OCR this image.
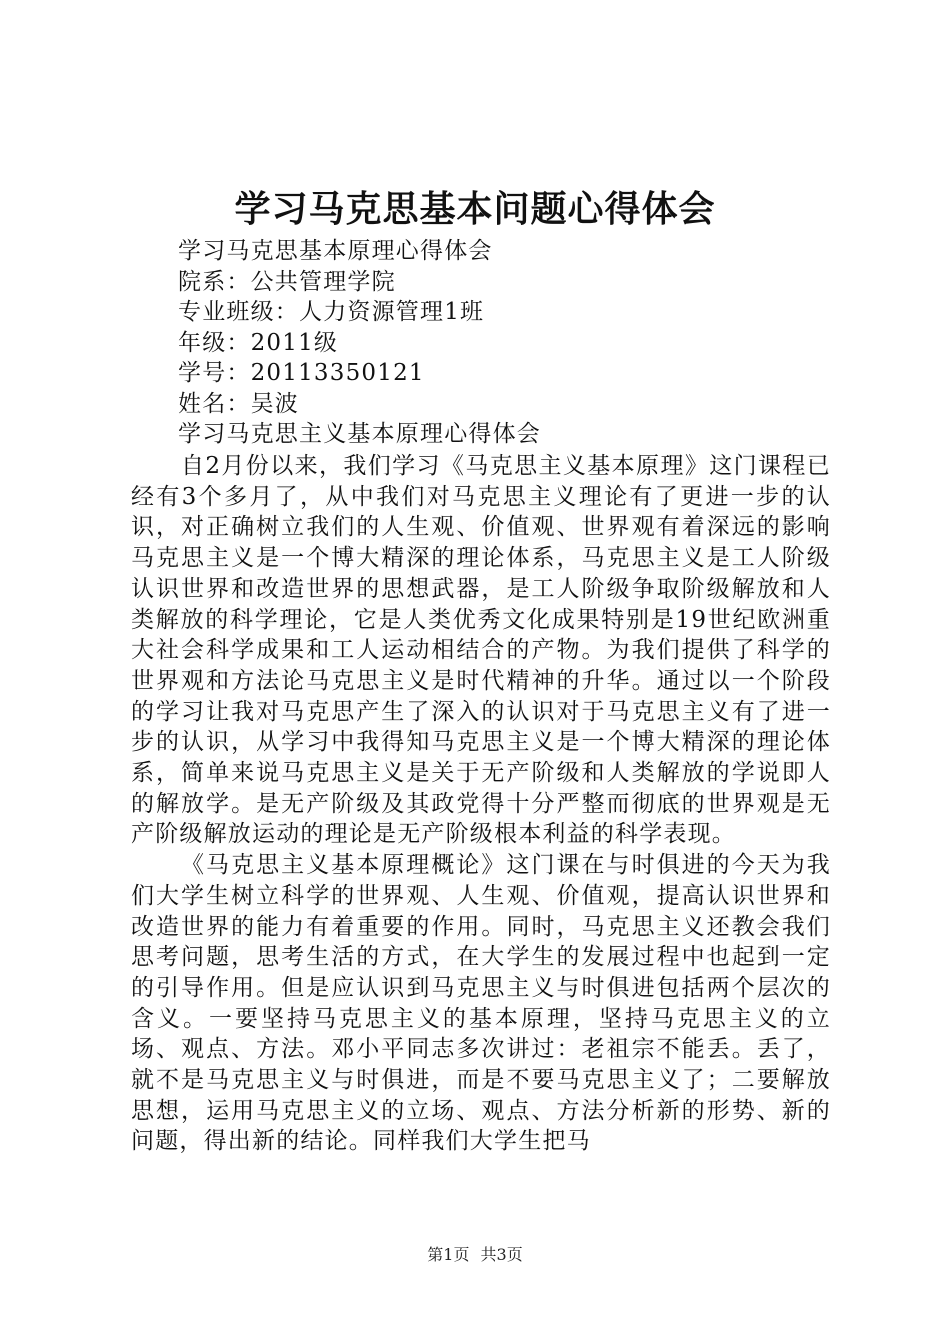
学习马克思基本问题心得体会
学习马克思基本原理心得体会
院系：公共管理学院
专业班级：人力资源管理1班
年级：2011级
学号：20113350121
姓名：吴波
学习马克思主义基本原理心得体会

自2月份以来，我们学习《马克思主义基本原理》这门课程已经有3个多月了，从中我们对马克思主义理论有了更进一步的认识，对正确树立我们的人生观、价值观、世界观有着深远的影响马克思主义是一个博大精深的理论体系，马克思主义是工人阶级认识世界和改造世界的思想武器，是工人阶级争取阶级解放和人类解放的科学理论，它是人类优秀文化成果特别是19世纪欧洲重大社会科学成果和工人运动相结合的产物。为我们提供了科学的世界观和方法论马克思主义是时代精神的升华。通过以一个阶段的学习让我对马克思产生了深入的认识对于马克思主义有了进一步的认识，从学习中我得知马克思主义是一个博大精深的理论体系，简单来说马克思主义是关于无产阶级和人类解放的学说即人的解放学。是无产阶级及其政党得十分严整而彻底的世界观是无产阶级解放运动的理论是无产阶级根本利益的科学表现。

《马克思主义基本原理概论》这门课在与时俱进的今天为我们大学生树立科学的世界观、人生观、价值观，提高认识世界和改造世界的能力有着重要的作用。同时，马克思主义还教会我们思考问题，思考生活的方式，在大学生的发展过程中也起到一定的引导作用。但是应认识到马克思主义与时俱进包括两个层次的含义。一要坚持马克思主义的基本原理，坚持马克思主义的立场、观点、方法。邓小平同志多次讲过：老祖宗不能丢。丢了，就不是马克思主义与时俱进，而是不要马克思主义了；二要解放思想，运用马克思主义的立场、观点、方法分析新的形势、新的问题，得出新的结论。同样我们大学生把马

第1页 共3页
